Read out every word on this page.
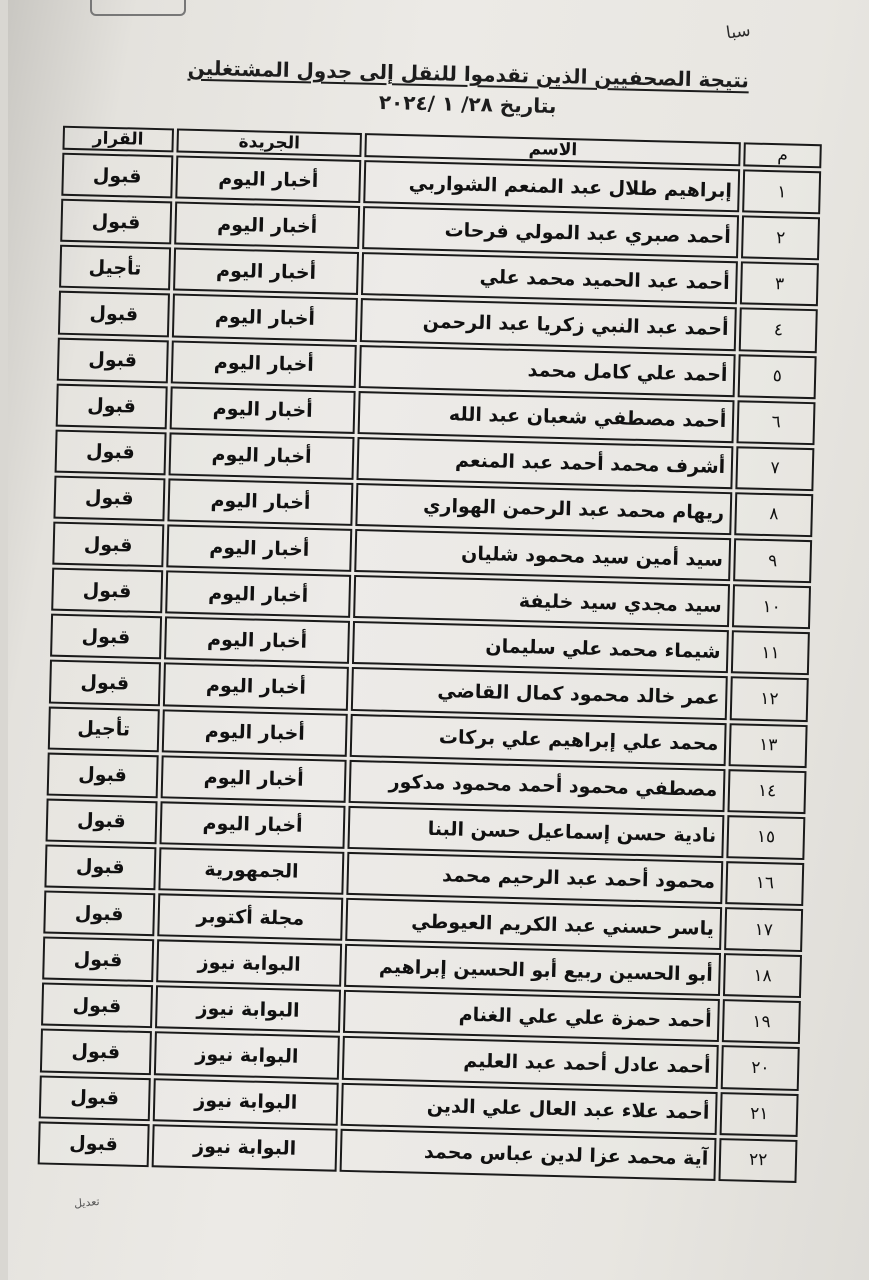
سبا
نتيجة الصحفيين الذين تقدموا للنقل إلى جدول المشتغلين
بتاريخ ٢٨/ ١ /٢٠٢٤
م	الاسم	الجريدة	القرار
١	إبراهيم طلال عبد المنعم الشواربي	أخبار اليوم	قبول
٢	أحمد صبري عبد المولي فرحات	أخبار اليوم	قبول
٣	أحمد عبد الحميد محمد علي	أخبار اليوم	تأجيل
٤	أحمد عبد النبي زكريا عبد الرحمن	أخبار اليوم	قبول
٥	أحمد علي كامل محمد	أخبار اليوم	قبول
٦	أحمد مصطفي شعبان عبد الله	أخبار اليوم	قبول
٧	أشرف محمد أحمد عبد المنعم	أخبار اليوم	قبول
٨	ريهام محمد عبد الرحمن الهواري	أخبار اليوم	قبول
٩	سيد أمين سيد محمود شليان	أخبار اليوم	قبول
١٠	سيد مجدي سيد خليفة	أخبار اليوم	قبول
١١	شيماء محمد علي سليمان	أخبار اليوم	قبول
١٢	عمر خالد محمود كمال القاضي	أخبار اليوم	قبول
١٣	محمد علي إبراهيم علي بركات	أخبار اليوم	تأجيل
١٤	مصطفي محمود أحمد محمود مدكور	أخبار اليوم	قبول
١٥	نادية حسن إسماعيل حسن البنا	أخبار اليوم	قبول
١٦	محمود أحمد عبد الرحيم محمد	الجمهورية	قبول
١٧	ياسر حسني عبد الكريم العيوطي	مجلة أكتوبر	قبول
١٨	أبو الحسين ربيع أبو الحسين إبراهيم	البوابة نيوز	قبول
١٩	أحمد حمزة علي علي الغنام	البوابة نيوز	قبول
٢٠	أحمد عادل أحمد عبد العليم	البوابة نيوز	قبول
٢١	أحمد علاء عبد العال علي الدين	البوابة نيوز	قبول
٢٢	آية محمد عزا لدين عباس محمد	البوابة نيوز	قبول
تعديل
